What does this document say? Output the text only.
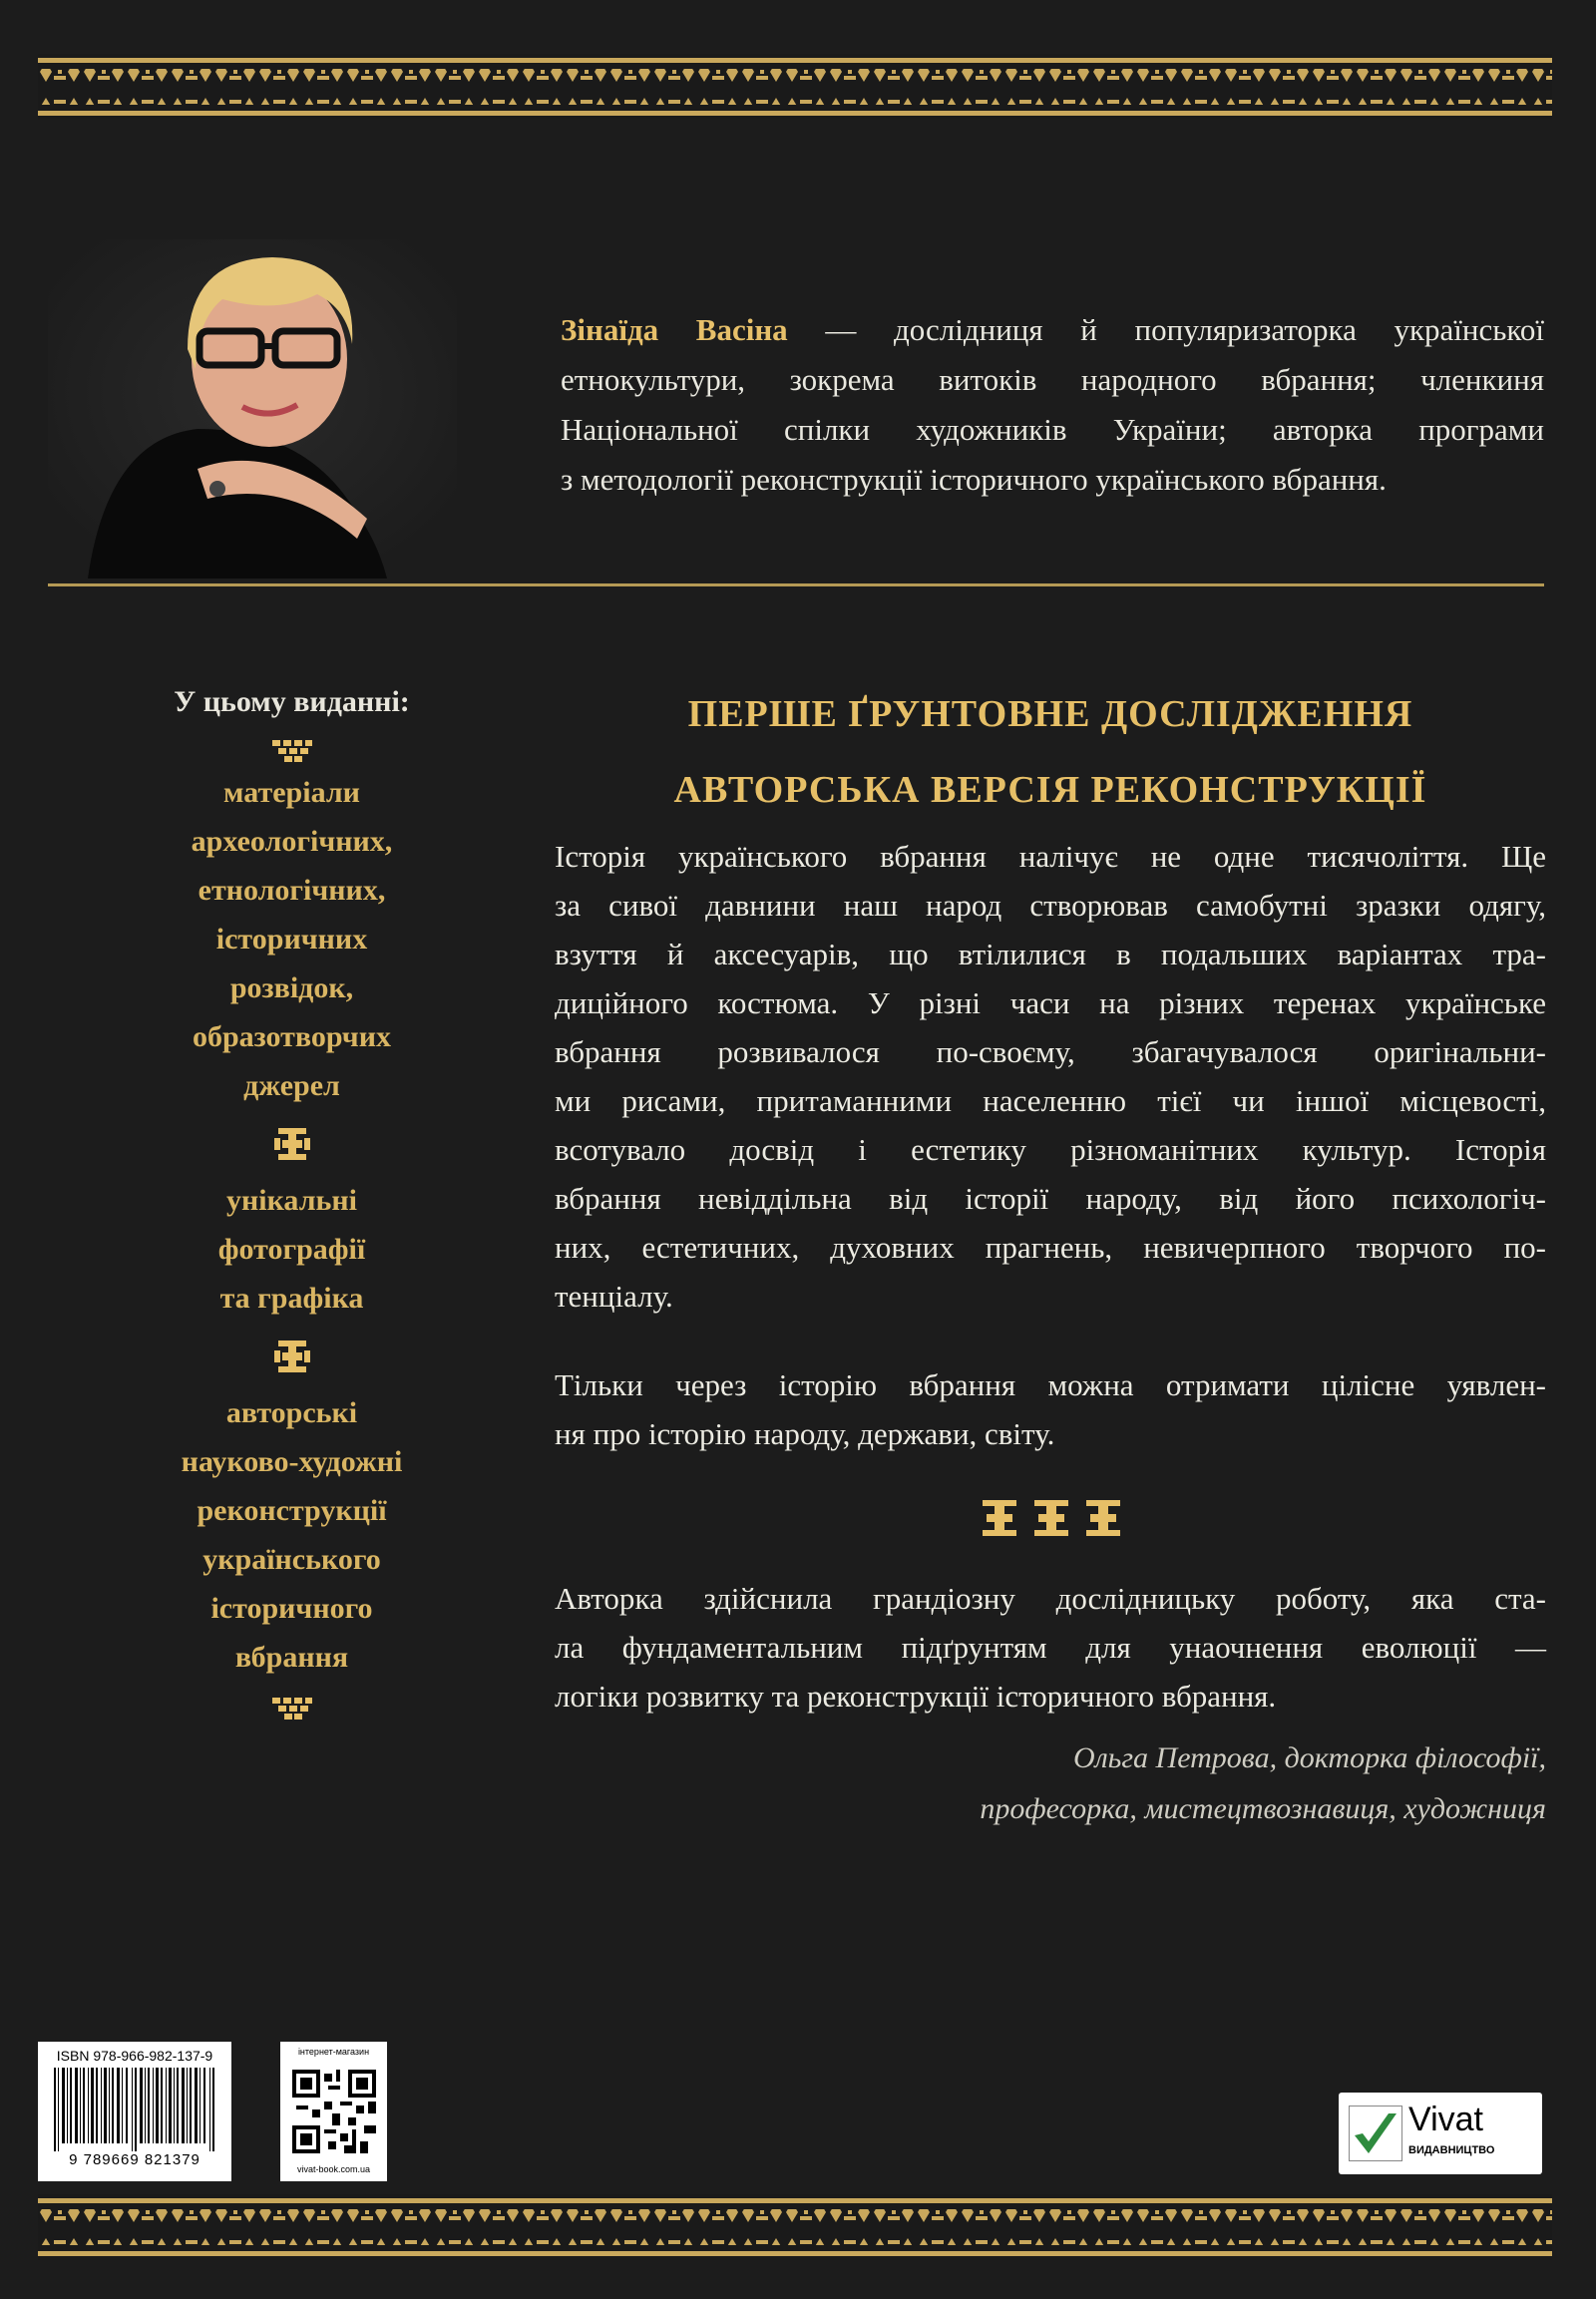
Зінаїда Васіна — дослідниця й популяризаторка української
етнокультури, зокрема витоків народного вбрання; членкиня
Національної спілки художників України; авторка програми
з методології реконструкції історичного українського вбрання.
У цьому виданні:
матеріали
археологічних,
етнологічних,
історичних
розвідок,
образотворчих
джерел
унікальні
фотографії
та графіка
авторські
науково-художні
реконструкції
українського
історичного
вбрання
ПЕРШЕ ҐРУНТОВНЕ ДОСЛІДЖЕННЯ
АВТОРСЬКА ВЕРСІЯ РЕКОНСТРУКЦІЇ

Історія українського вбрання налічує не одне тисячоліття. Ще

за сивої давнини наш народ створював самобутні зразки одягу,

взуття й аксесуарів, що втілилися в подальших варіантах тра-

диційного костюма. У різні часи на різних теренах українське

вбрання розвивалося по-своєму, збагачувалося оригінальни-

ми рисами, притаманними населенню тієї чи іншої місцевості,

всотувало досвід і естетику різноманітних культур. Історія

вбрання невіддільна від історії народу, від його психологіч-

них, естетичних, духовних прагнень, невичерпного творчого по-

тенціалу.

Тільки через історію вбрання можна отримати цілісне уявлен-

ня про історію народу, держави, світу.

Авторка здійснила грандіозну дослідницьку роботу, яка ста-

ла фундаментальним підґрунтям для унаочнення еволюції —

логіки розвитку та реконструкції історичного вбрання.

Ольга Петрова, докторка філософії,
професорка, мистецтвознавиця, художниця
ISBN 978-966-982-137-9
9 789669 821379
інтернет-магазин
vivat-book.com.ua
Vivat
ВИДАВНИЦТВО
